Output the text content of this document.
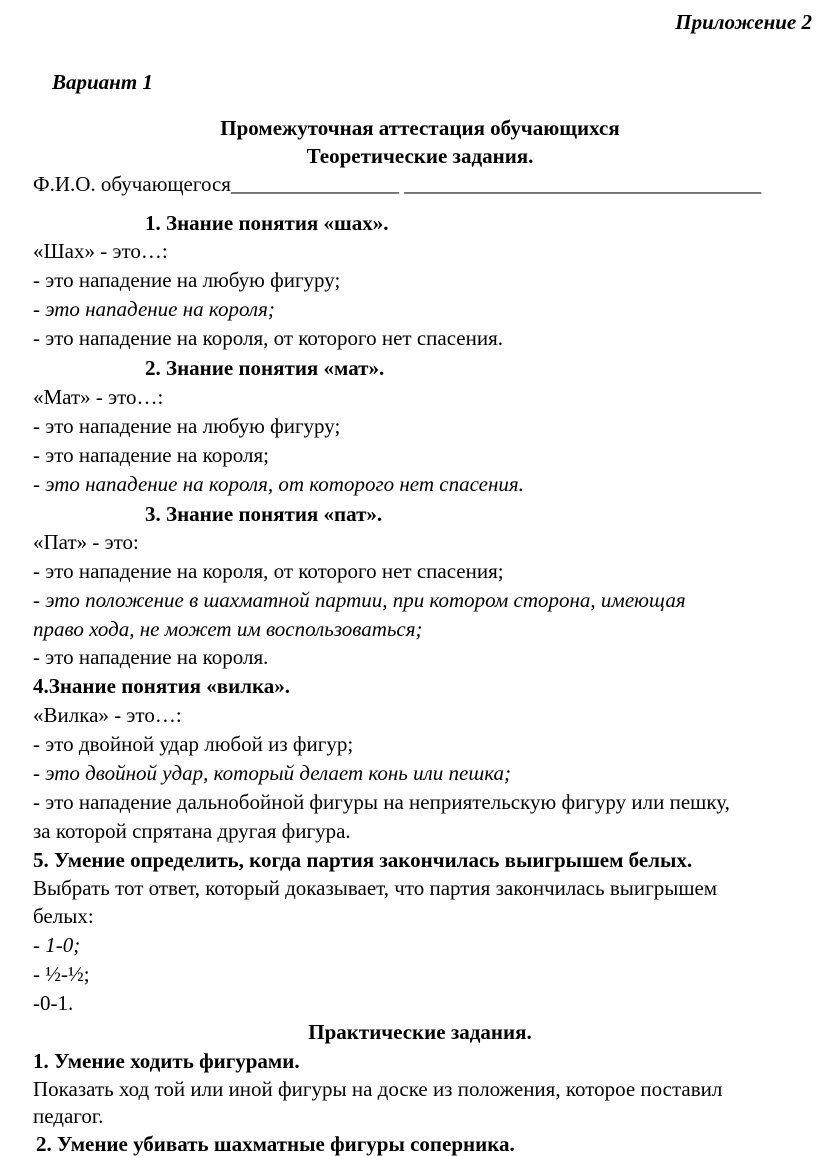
Приложение 2
Вариант 1
Промежуточная аттестация обучающихся
Теоретические задания.
Ф.И.О. обучающегося________________ __________________________________
1. Знание понятия «шах».
«Шах» - это…:
- это нападение на любую фигуру;
- это нападение на короля;
- это нападение на короля, от которого нет спасения.
2. Знание понятия «мат».
«Мат» - это…:
- это нападение на любую фигуру;
- это нападение на короля;
- это нападение на короля, от которого нет спасения.
3. Знание понятия «пат».
«Пат» - это:
- это нападение на короля, от которого нет спасения;
- это положение в шахматной партии, при котором сторона, имеющая
право хода, не может им воспользоваться;
- это нападение на короля.
4.Знание понятия «вилка».
«Вилка» - это…:
- это двойной удар любой из фигур;
- это двойной удар, который делает конь или пешка;
- это нападение дальнобойной фигуры на неприятельскую фигуру или пешку,
за которой спрятана другая фигура.
5. Умение определить, когда партия закончилась выигрышем белых.
Выбрать тот ответ, который доказывает, что партия закончилась выигрышем
белых:
- 1-0;
- ½-½;
-0-1.
Практические задания.
1. Умение ходить фигурами.
Показать ход той или иной фигуры на доске из положения, которое поставил
педагог.
2. Умение убивать шахматные фигуры соперника.
